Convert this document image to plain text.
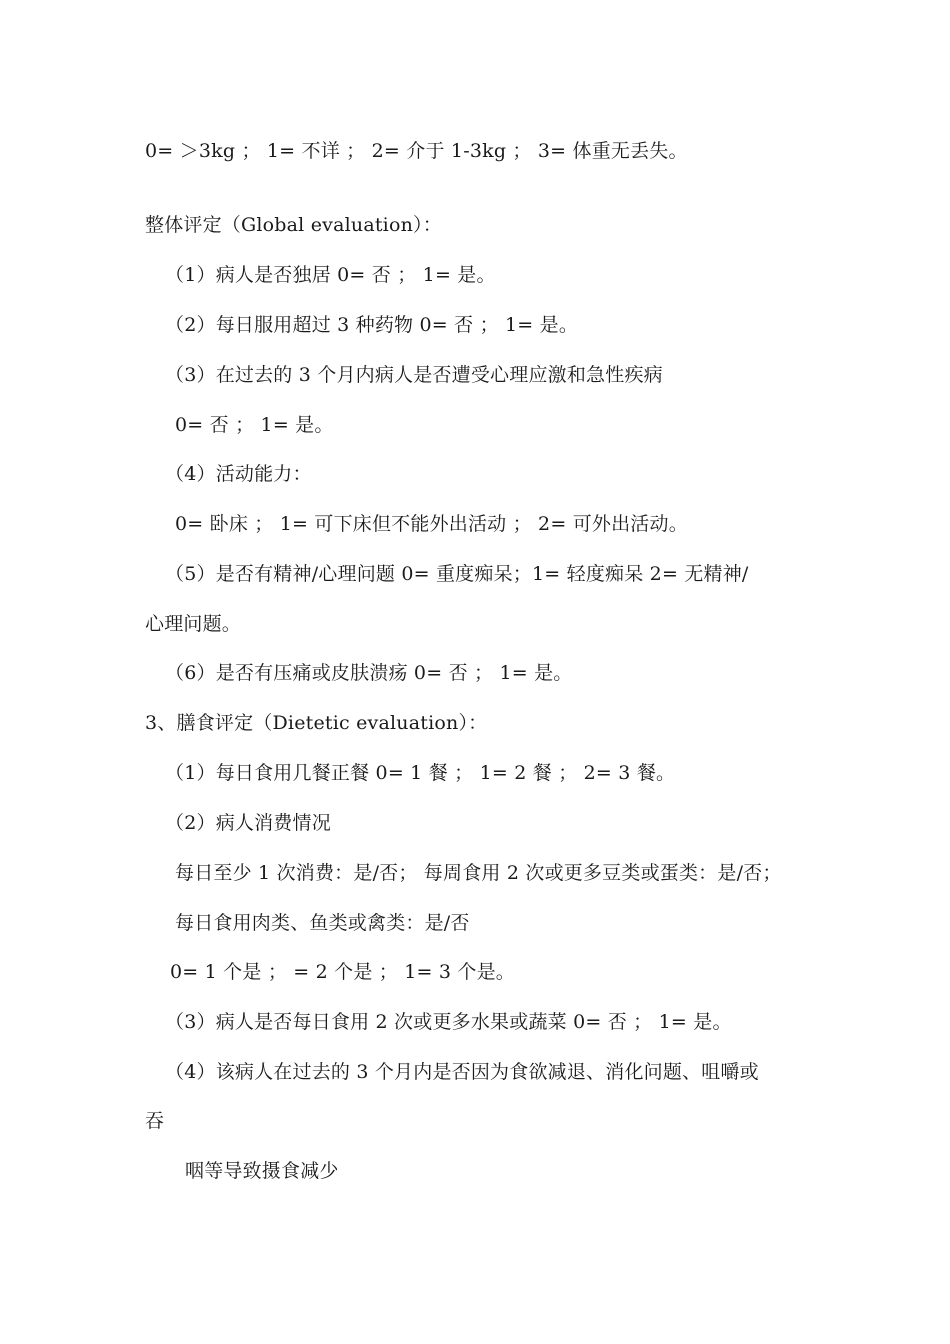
0= ＞3kg ； 1= 不详 ； 2= 介于 1-3kg ； 3= 体重无丢失。
整体评定（Global evaluation）：
（1）病人是否独居 0= 否 ； 1= 是。
（2）每日服用超过 3 种药物 0= 否 ； 1= 是。
（3）在过去的 3 个月内病人是否遭受心理应激和急性疾病
0= 否 ； 1= 是。
（4）活动能力：
0= 卧床 ； 1= 可下床但不能外出活动 ； 2= 可外出活动。
（5）是否有精神/心理问题 0= 重度痴呆；1= 轻度痴呆 2= 无精神/
心理问题。
（6）是否有压痛或皮肤溃疡 0= 否 ； 1= 是。
3、膳食评定（Dietetic evaluation）：
（1）每日食用几餐正餐 0= 1 餐 ； 1= 2 餐 ； 2= 3 餐。
（2）病人消费情况
每日至少 1 次消费：是/否； 每周食用 2 次或更多豆类或蛋类：是/否；
每日食用肉类、鱼类或禽类：是/否
0= 1 个是 ； = 2 个是 ； 1= 3 个是。
（3）病人是否每日食用 2 次或更多水果或蔬菜 0= 否 ； 1= 是。
（4）该病人在过去的 3 个月内是否因为食欲减退、消化问题、咀嚼或
吞
咽等导致摄食减少
